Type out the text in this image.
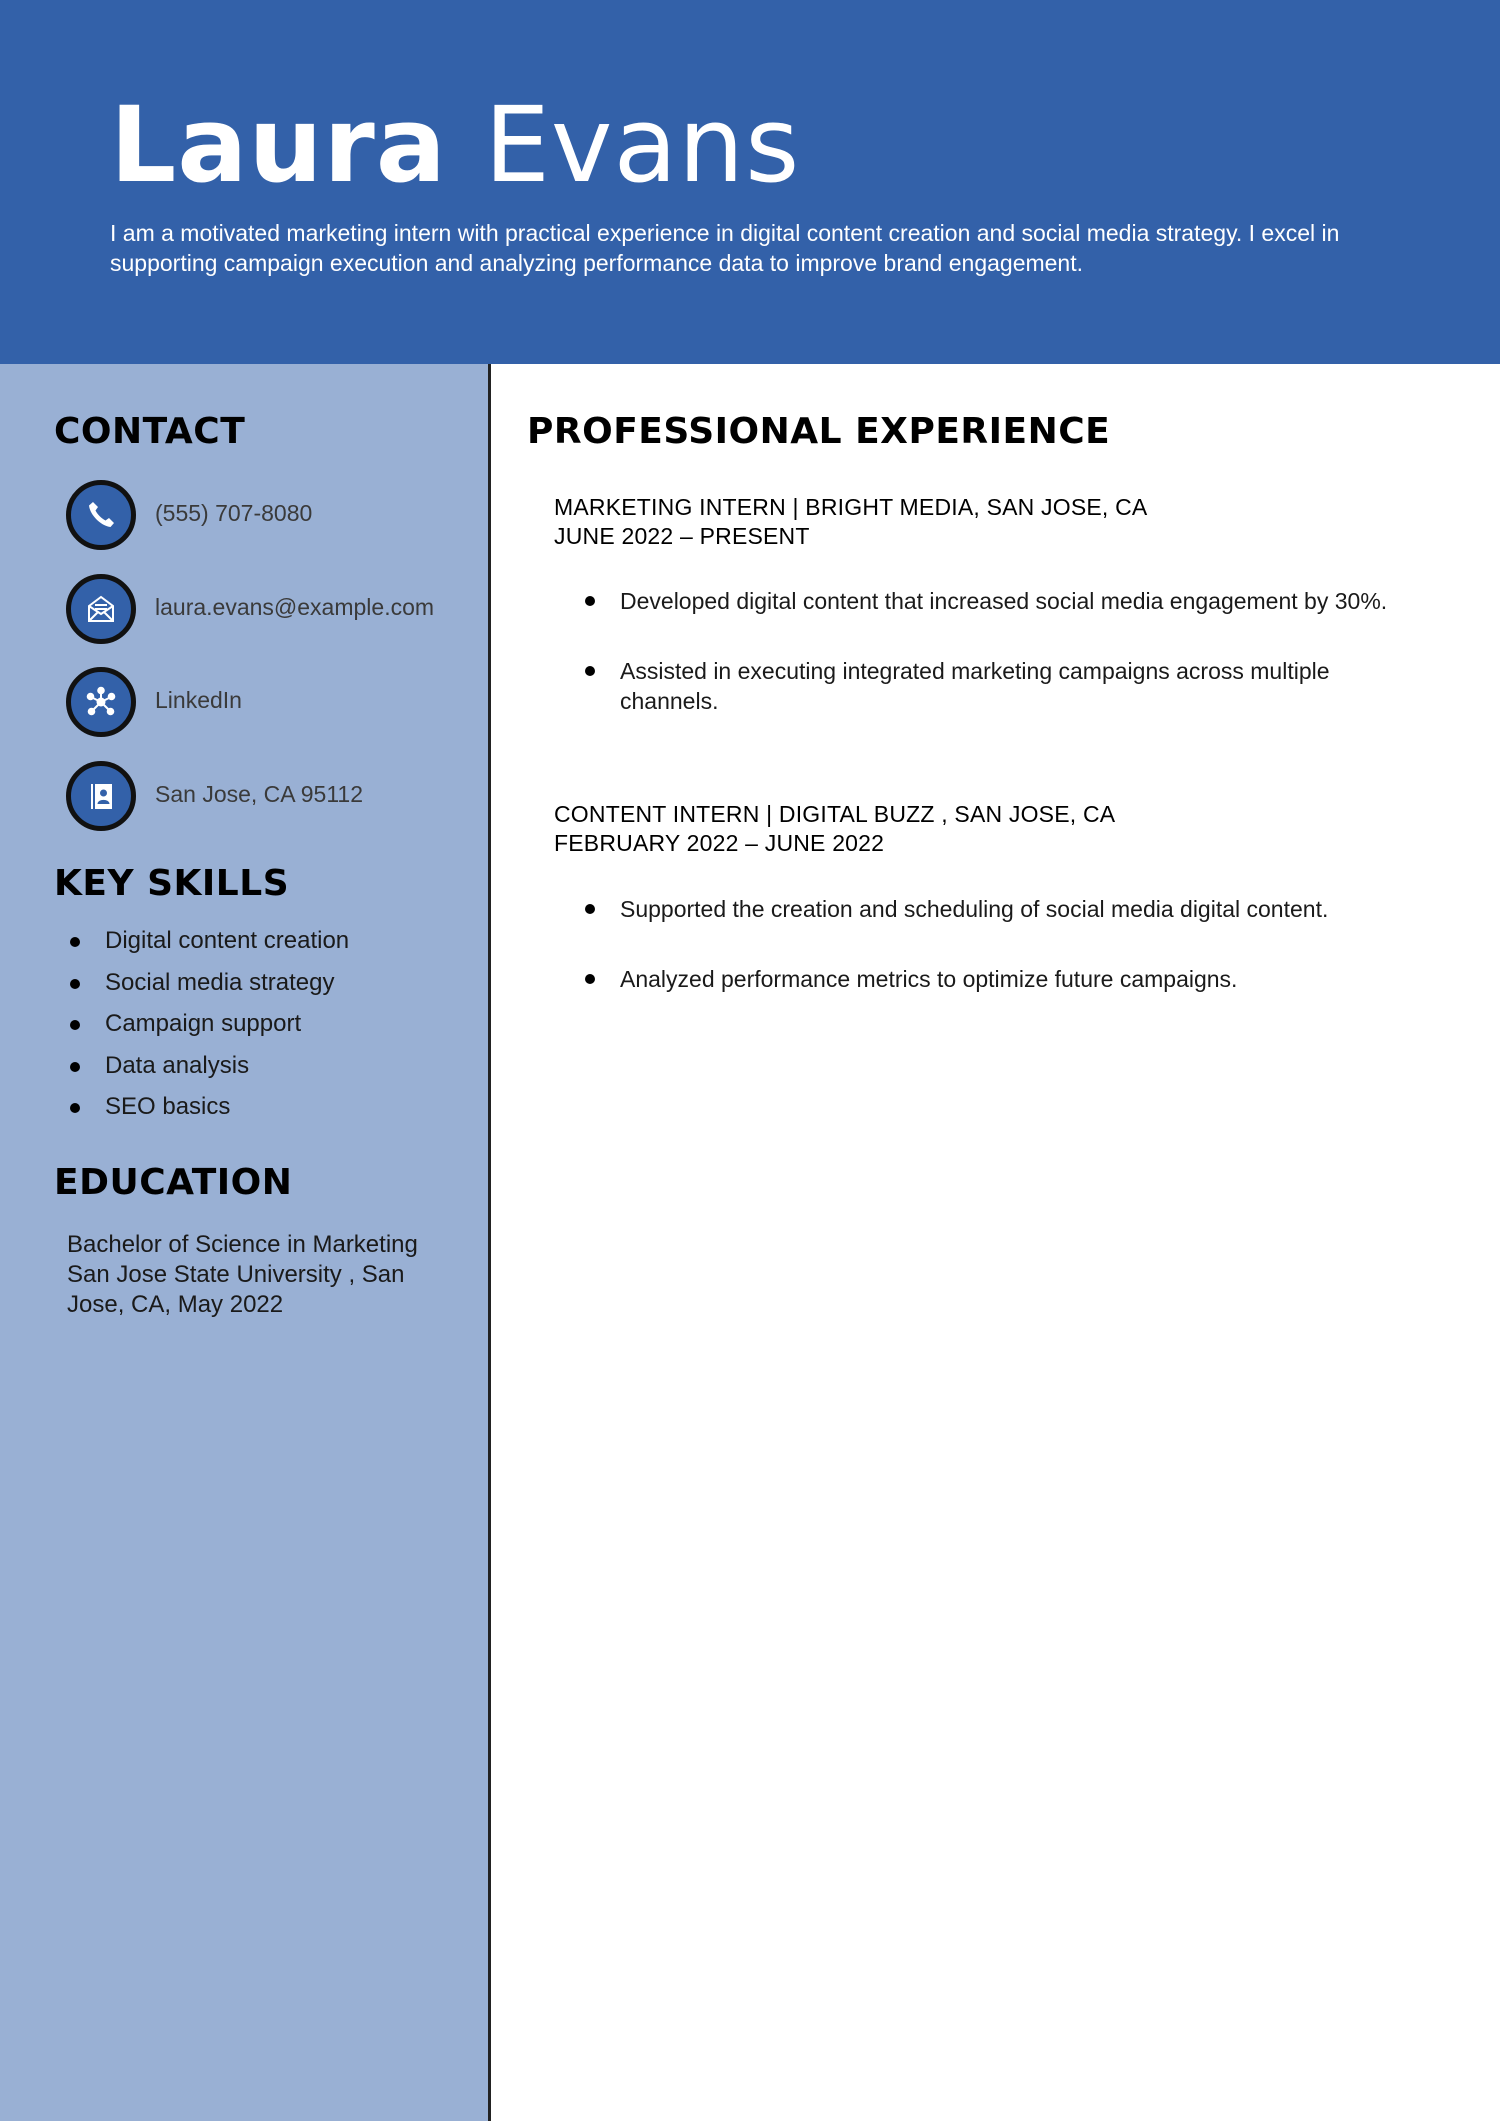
Laura Evans

I am a motivated marketing intern with practical experience in digital content creation and social media strategy. I excel in supporting campaign execution and analyzing performance data to improve brand engagement.

CONTACT
(555) 707-8080
laura.evans@example.com
LinkedIn
San Jose, CA 95112
KEY SKILLS
Digital content creation
Social media strategy
Campaign support
Data analysis
SEO basics
EDUCATION

Bachelor of Science in Marketing
San Jose State University , San Jose, CA, May 2022

PROFESSIONAL EXPERIENCE

MARKETING INTERN | BRIGHT MEDIA, SAN JOSE, CA
JUNE 2022 – PRESENT

Developed digital content that increased social media engagement by 30%.
Assisted in executing integrated marketing campaigns across multiple channels.

CONTENT INTERN | DIGITAL BUZZ , SAN JOSE, CA
FEBRUARY 2022 – JUNE 2022

Supported the creation and scheduling of social media digital content.
Analyzed performance metrics to optimize future campaigns.
